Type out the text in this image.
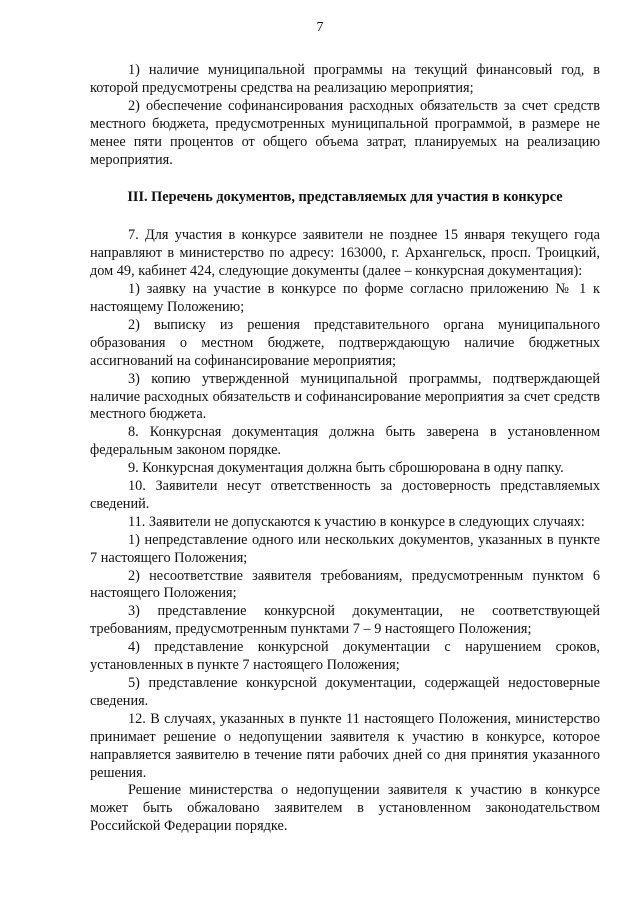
7

1) наличие муниципальной программы на текущий финансовый год, в которой предусмотрены средства на реализацию мероприятия;

2) обеспечение софинансирования расходных обязательств за счет средств местного бюджета, предусмотренных муниципальной программой, в размере не менее пяти процентов от общего объема затрат, планируемых на реализацию мероприятия.

III. Перечень документов, представляемых для участия в конкурсе

7. Для участия в конкурсе заявители не позднее 15 января текущего года направляют в министерство по адресу: 163000, г. Архангельск, просп. Троицкий, дом 49, кабинет 424, следующие документы (далее – конкурсная документация):

1) заявку на участие в конкурсе по форме согласно приложению № 1 к настоящему Положению;

2) выписку из решения представительного органа муниципального образования о местном бюджете, подтверждающую наличие бюджетных ассигнований на софинансирование мероприятия;

3) копию утвержденной муниципальной программы, подтверждающей наличие расходных обязательств и софинансирование мероприятия за счет средств местного бюджета.

8. Конкурсная документация должна быть заверена в установленном федеральным законом порядке.

9. Конкурсная документация должна быть сброшюрована в одну папку.

10. Заявители несут ответственность за достоверность представляемых сведений.

11. Заявители не допускаются к участию в конкурсе в следующих случаях:

1) непредставление одного или нескольких документов, указанных в пункте 7 настоящего Положения;

2) несоответствие заявителя требованиям, предусмотренным пунктом 6 настоящего Положения;

3) представление конкурсной документации, не соответствующей требованиям, предусмотренным пунктами 7 – 9 настоящего Положения;

4) представление конкурсной документации с нарушением сроков, установленных в пункте 7 настоящего Положения;

5) представление конкурсной документации, содержащей недостоверные сведения.

12. В случаях, указанных в пункте 11 настоящего Положения, министерство принимает решение о недопущении заявителя к участию в конкурсе, которое направляется заявителю в течение пяти рабочих дней со дня принятия указанного решения.

Решение министерства о недопущении заявителя к участию в конкурсе может быть обжаловано заявителем в установленном законодательством Российской Федерации порядке.
